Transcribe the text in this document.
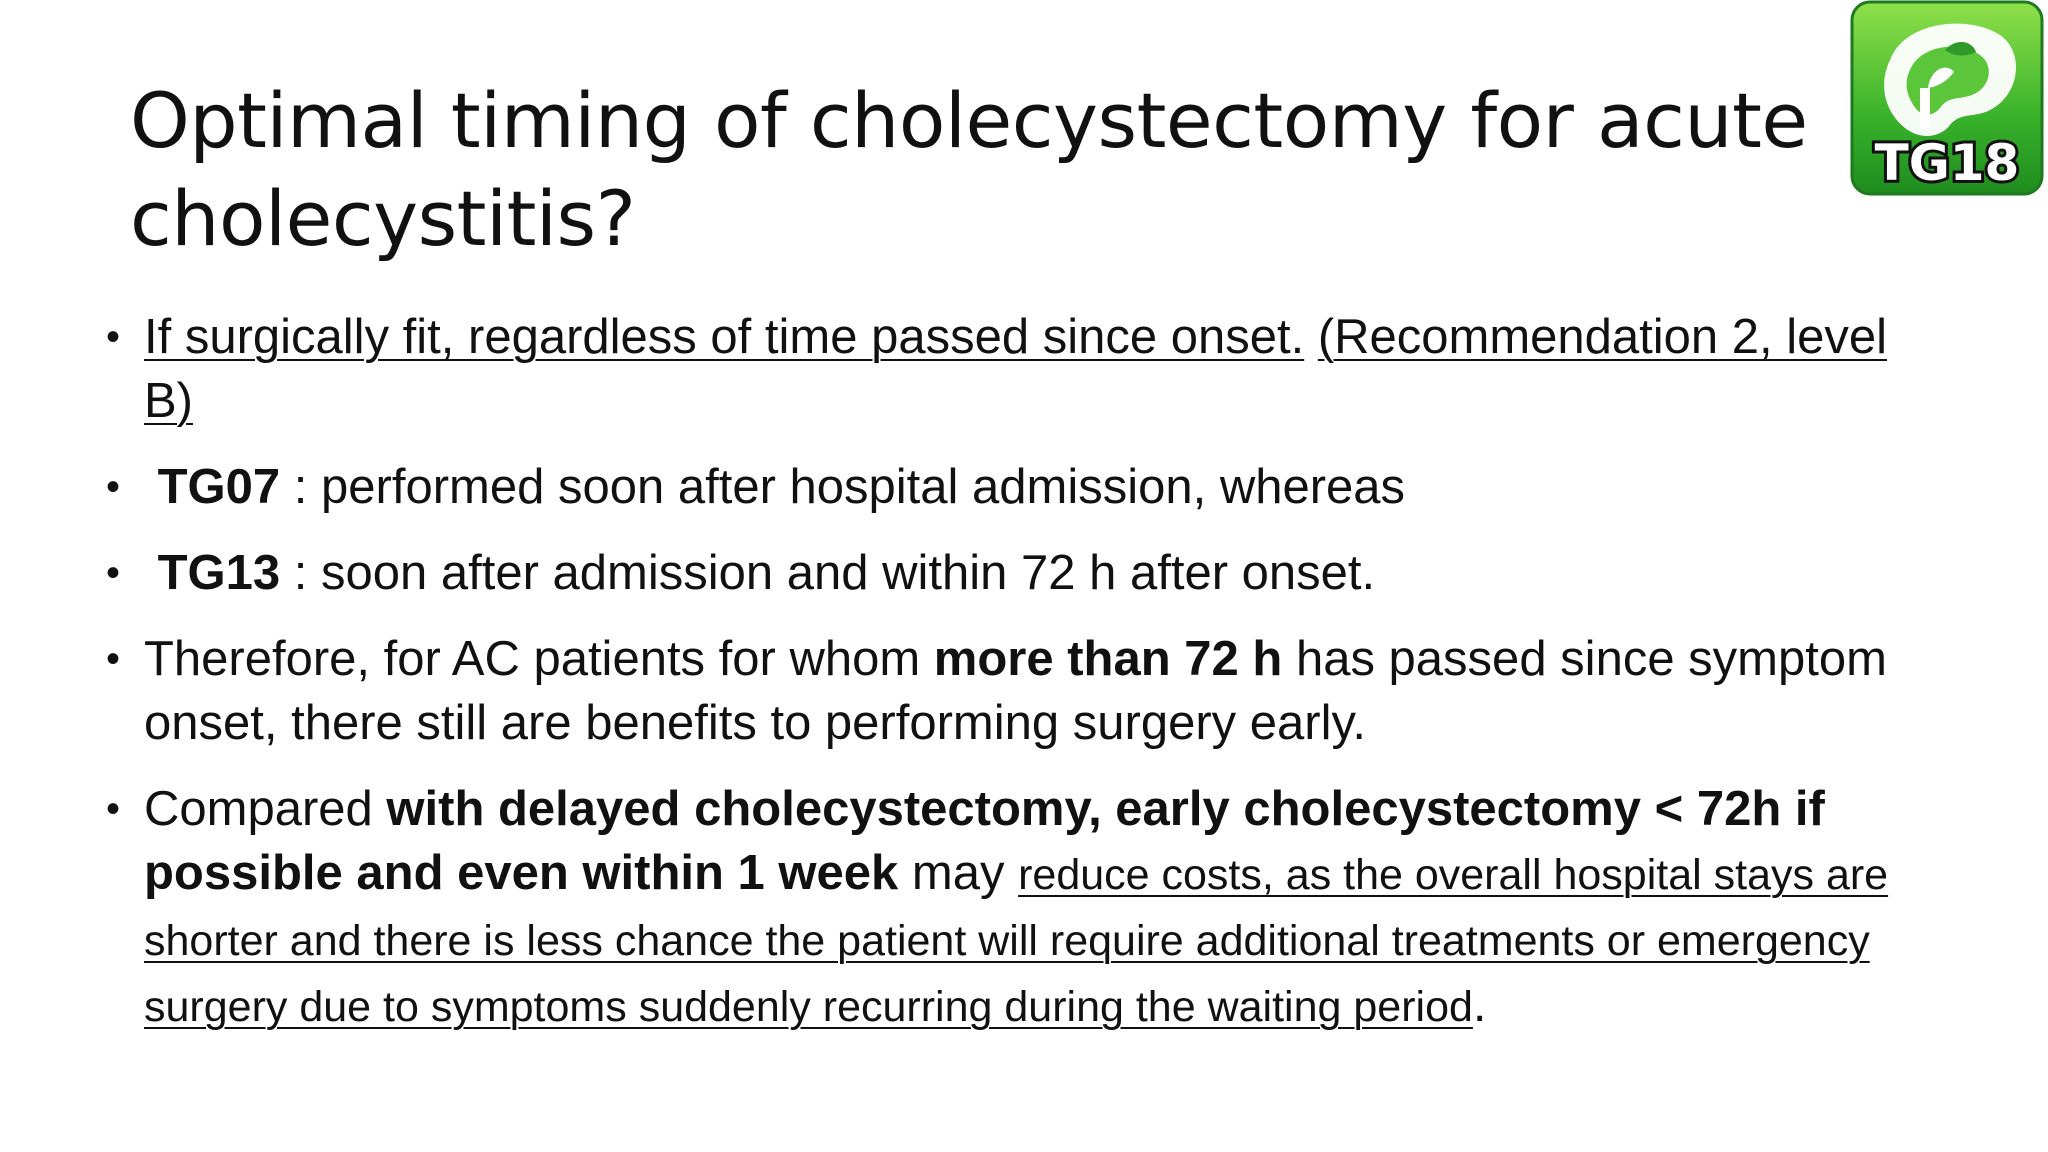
Optimal timing of cholecystectomy for acute cholecystitis?
TG18
• If surgically fit, regardless of time passed since onset. (Recommendation 2, level B)
• TG07 : performed soon after hospital admission, whereas
• TG13 : soon after admission and within 72 h after onset.
• Therefore, for AC patients for whom more than 72 h has passed since symptom onset, there still are benefits to performing surgery early.
• Compared with delayed cholecystectomy, early cholecystectomy < 72h if possible and even within 1 week may reduce costs, as the overall hospital stays are shorter and there is less chance the patient will require additional treatments or emergency surgery due to symptoms suddenly recurring during the waiting period.
